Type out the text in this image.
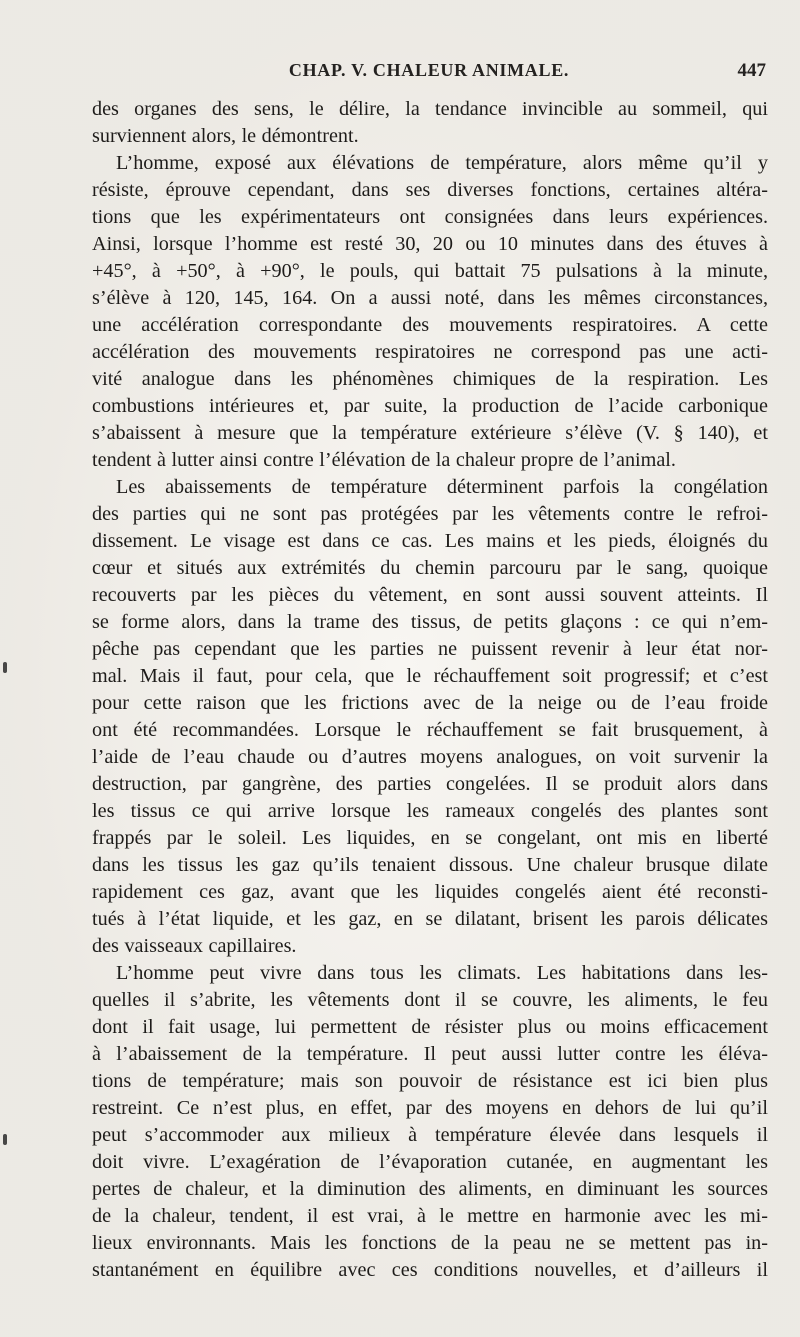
CHAP. V. CHALEUR ANIMALE.	447
des organes des sens, le délire, la tendance invincible au sommeil, qui
surviennent alors, le démontrent.
L’homme, exposé aux élévations de température, alors même qu’il y
résiste, éprouve cependant, dans ses diverses fonctions, certaines altéra-
tions que les expérimentateurs ont consignées dans leurs expériences.
Ainsi, lorsque l’homme est resté 30, 20 ou 10 minutes dans des étuves à
+45°, à +50°, à +90°, le pouls, qui battait 75 pulsations à la minute,
s’élève à 120, 145, 164. On a aussi noté, dans les mêmes circonstances,
une accélération correspondante des mouvements respiratoires. A cette
accélération des mouvements respiratoires ne correspond pas une acti-
vité analogue dans les phénomènes chimiques de la respiration. Les
combustions intérieures et, par suite, la production de l’acide carbonique
s’abaissent à mesure que la température extérieure s’élève (V. § 140), et
tendent à lutter ainsi contre l’élévation de la chaleur propre de l’animal.
Les abaissements de température déterminent parfois la congélation
des parties qui ne sont pas protégées par les vêtements contre le refroi-
dissement. Le visage est dans ce cas. Les mains et les pieds, éloignés du
cœur et situés aux extrémités du chemin parcouru par le sang, quoique
recouverts par les pièces du vêtement, en sont aussi souvent atteints. Il
se forme alors, dans la trame des tissus, de petits glaçons : ce qui n’em-
pêche pas cependant que les parties ne puissent revenir à leur état nor-
mal. Mais il faut, pour cela, que le réchauffement soit progressif; et c’est
pour cette raison que les frictions avec de la neige ou de l’eau froide
ont été recommandées. Lorsque le réchauffement se fait brusquement, à
l’aide de l’eau chaude ou d’autres moyens analogues, on voit survenir la
destruction, par gangrène, des parties congelées. Il se produit alors dans
les tissus ce qui arrive lorsque les rameaux congelés des plantes sont
frappés par le soleil. Les liquides, en se congelant, ont mis en liberté
dans les tissus les gaz qu’ils tenaient dissous. Une chaleur brusque dilate
rapidement ces gaz, avant que les liquides congelés aient été reconsti-
tués à l’état liquide, et les gaz, en se dilatant, brisent les parois délicates
des vaisseaux capillaires.
L’homme peut vivre dans tous les climats. Les habitations dans les-
quelles il s’abrite, les vêtements dont il se couvre, les aliments, le feu
dont il fait usage, lui permettent de résister plus ou moins efficacement
à l’abaissement de la température. Il peut aussi lutter contre les éléva-
tions de température; mais son pouvoir de résistance est ici bien plus
restreint. Ce n’est plus, en effet, par des moyens en dehors de lui qu’il
peut s’accommoder aux milieux à température élevée dans lesquels il
doit vivre. L’exagération de l’évaporation cutanée, en augmentant les
pertes de chaleur, et la diminution des aliments, en diminuant les sources
de la chaleur, tendent, il est vrai, à le mettre en harmonie avec les mi-
lieux environnants. Mais les fonctions de la peau ne se mettent pas in-
stantanément en équilibre avec ces conditions nouvelles, et d’ailleurs il
